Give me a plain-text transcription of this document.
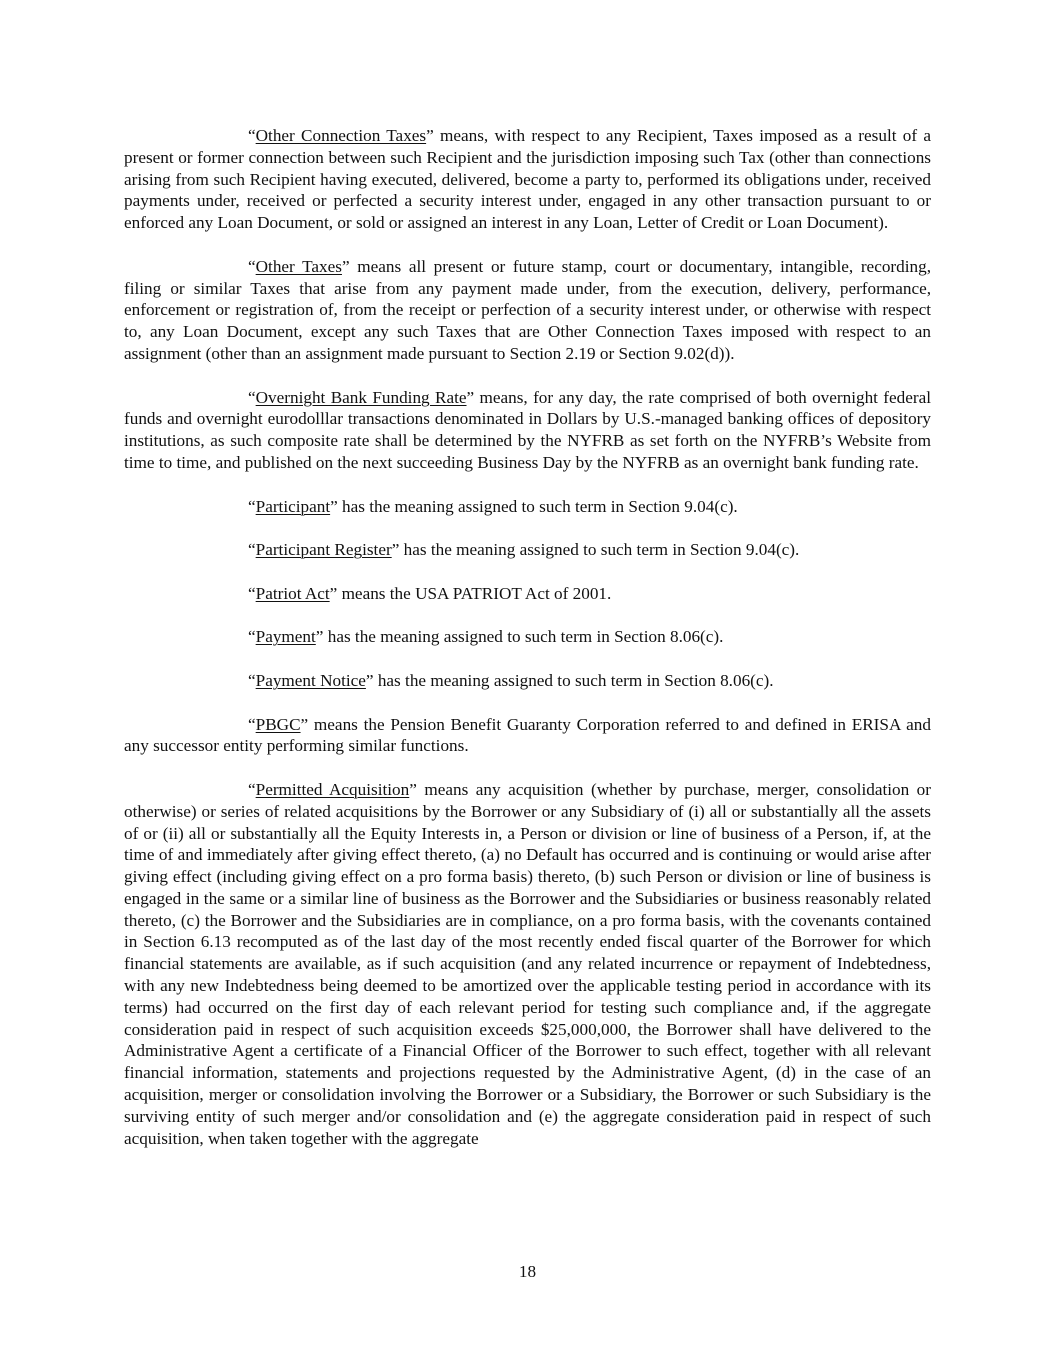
“Other Connection Taxes” means, with respect to any Recipient, Taxes imposed as a result of a present or former connection between such Recipient and the jurisdiction imposing such Tax (other than connections arising from such Recipient having executed, delivered, become a party to, performed its obligations under, received payments under, received or perfected a security interest under, engaged in any other transaction pursuant to or enforced any Loan Document, or sold or assigned an interest in any Loan, Letter of Credit or Loan Document).

“Other Taxes” means all present or future stamp, court or documentary, intangible, recording, filing or similar Taxes that arise from any payment made under, from the execution, delivery, performance, enforcement or registration of, from the receipt or perfection of a security interest under, or otherwise with respect to, any Loan Document, except any such Taxes that are Other Connection Taxes imposed with respect to an assignment (other than an assignment made pursuant to Section 2.19 or Section 9.02(d)).

“Overnight Bank Funding Rate” means, for any day, the rate comprised of both overnight federal funds and overnight eurodolllar transactions denominated in Dollars by U.S.-managed banking offices of depository institutions, as such composite rate shall be determined by the NYFRB as set forth on the NYFRB’s Website from time to time, and published on the next succeeding Business Day by the NYFRB as an overnight bank funding rate.

“Participant” has the meaning assigned to such term in Section 9.04(c).

“Participant Register” has the meaning assigned to such term in Section 9.04(c).

“Patriot Act” means the USA PATRIOT Act of 2001.

“Payment” has the meaning assigned to such term in Section 8.06(c).

“Payment Notice” has the meaning assigned to such term in Section 8.06(c).

“PBGC” means the Pension Benefit Guaranty Corporation referred to and defined in ERISA and any successor entity performing similar functions.

“Permitted Acquisition” means any acquisition (whether by purchase, merger, consolidation or otherwise) or series of related acquisitions by the Borrower or any Subsidiary of (i) all or substantially all the assets of or (ii) all or substantially all the Equity Interests in, a Person or division or line of business of a Person, if, at the time of and immediately after giving effect thereto, (a) no Default has occurred and is continuing or would arise after giving effect (including giving effect on a pro forma basis) thereto, (b) such Person or division or line of business is engaged in the same or a similar line of business as the Borrower and the Subsidiaries or business reasonably related thereto, (c) the Borrower and the Subsidiaries are in compliance, on a pro forma basis, with the covenants contained in Section 6.13 recomputed as of the last day of the most recently ended fiscal quarter of the Borrower for which financial statements are available, as if such acquisition (and any related incurrence or repayment of Indebtedness, with any new Indebtedness being deemed to be amortized over the applicable testing period in accordance with its terms) had occurred on the first day of each relevant period for testing such compliance and, if the aggregate consideration paid in respect of such acquisition exceeds $25,000,000, the Borrower shall have delivered to the Administrative Agent a certificate of a Financial Officer of the Borrower to such effect, together with all relevant financial information, statements and projections requested by the Administrative Agent, (d) in the case of an acquisition, merger or consolidation involving the Borrower or a Subsidiary, the Borrower or such Subsidiary is the surviving entity of such merger and/or consolidation and (e) the aggregate consideration paid in respect of such acquisition, when taken together with the aggregate

18
